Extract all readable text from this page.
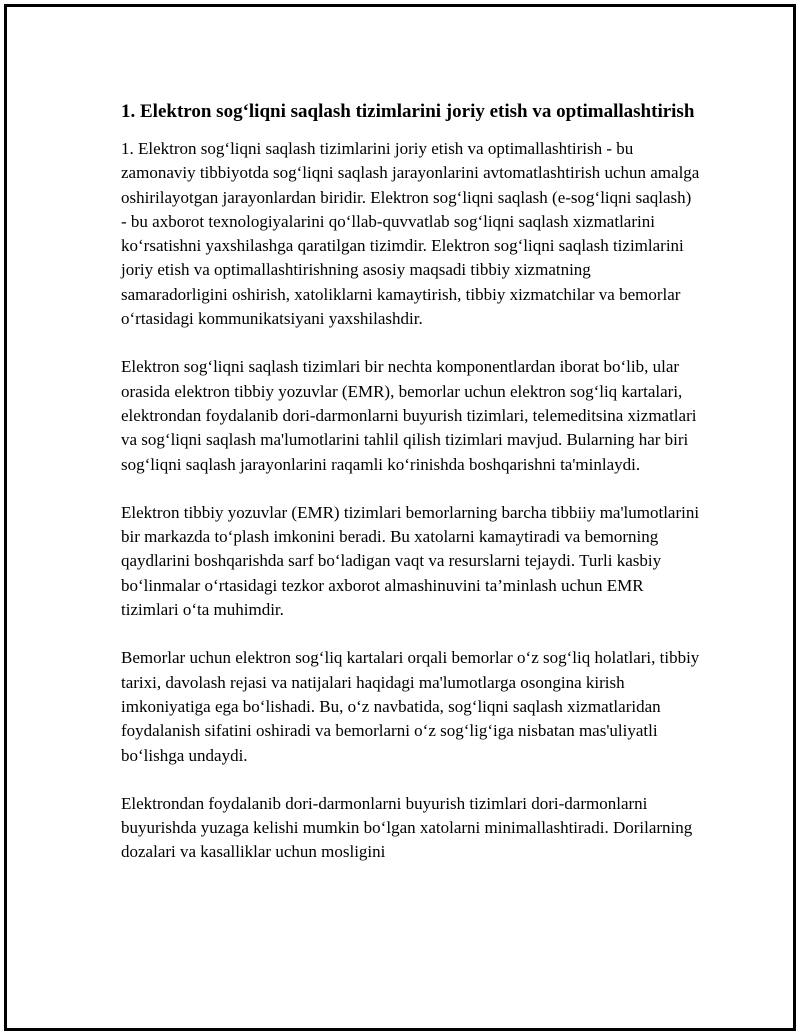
1. Elektron sog‘liqni saqlash tizimlarini joriy etish va optimallashtirish

1. Elektron sog‘liqni saqlash tizimlarini joriy etish va optimallashtirish - bu zamonaviy tibbiyotda sog‘liqni saqlash jarayonlarini avtomatlashtirish uchun amalga oshirilayotgan jarayonlardan biridir. Elektron sog‘liqni saqlash (e-sog‘liqni saqlash) - bu axborot texnologiyalarini qo‘llab-quvvatlab sog‘liqni saqlash xizmatlarini ko‘rsatishni yaxshilashga qaratilgan tizimdir. Elektron sog‘liqni saqlash tizimlarini joriy etish va optimallashtirishning asosiy maqsadi tibbiy xizmatning samaradorligini oshirish, xatoliklarni kamaytirish, tibbiy xizmatchilar va bemorlar o‘rtasidagi kommunikatsiyani yaxshilashdir.

Elektron sog‘liqni saqlash tizimlari bir nechta komponentlardan iborat bo‘lib, ular orasida elektron tibbiy yozuvlar (EMR), bemorlar uchun elektron sog‘liq kartalari, elektrondan foydalanib dori-darmonlarni buyurish tizimlari, telemeditsina xizmatlari va sog‘liqni saqlash ma'lumotlarini tahlil qilish tizimlari mavjud. Bularning har biri sog‘liqni saqlash jarayonlarini raqamli ko‘rinishda boshqarishni ta'minlaydi.

Elektron tibbiy yozuvlar (EMR) tizimlari bemorlarning barcha tibbiiy ma'lumotlarini bir markazda to‘plash imkonini beradi. Bu xatolarni kamaytiradi va bemorning qaydlarini boshqarishda sarf bo‘ladigan vaqt va resurslarni tejaydi. Turli kasbiy bo‘linmalar o‘rtasidagi tezkor axborot almashinuvini ta’minlash uchun EMR tizimlari o‘ta muhimdir.

Bemorlar uchun elektron sog‘liq kartalari orqali bemorlar o‘z sog‘liq holatlari, tibbiy tarixi, davolash rejasi va natijalari haqidagi ma'lumotlarga osongina kirish imkoniyatiga ega bo‘lishadi. Bu, o‘z navbatida, sog‘liqni saqlash xizmatlaridan foydalanish sifatini oshiradi va bemorlarni o‘z sog‘lig‘iga nisbatan mas'uliyatli bo‘lishga undaydi.

Elektrondan foydalanib dori-darmonlarni buyurish tizimlari dori-darmonlarni buyurishda yuzaga kelishi mumkin bo‘lgan xatolarni minimallashtiradi. Dorilarning dozalari va kasalliklar uchun mosligini
